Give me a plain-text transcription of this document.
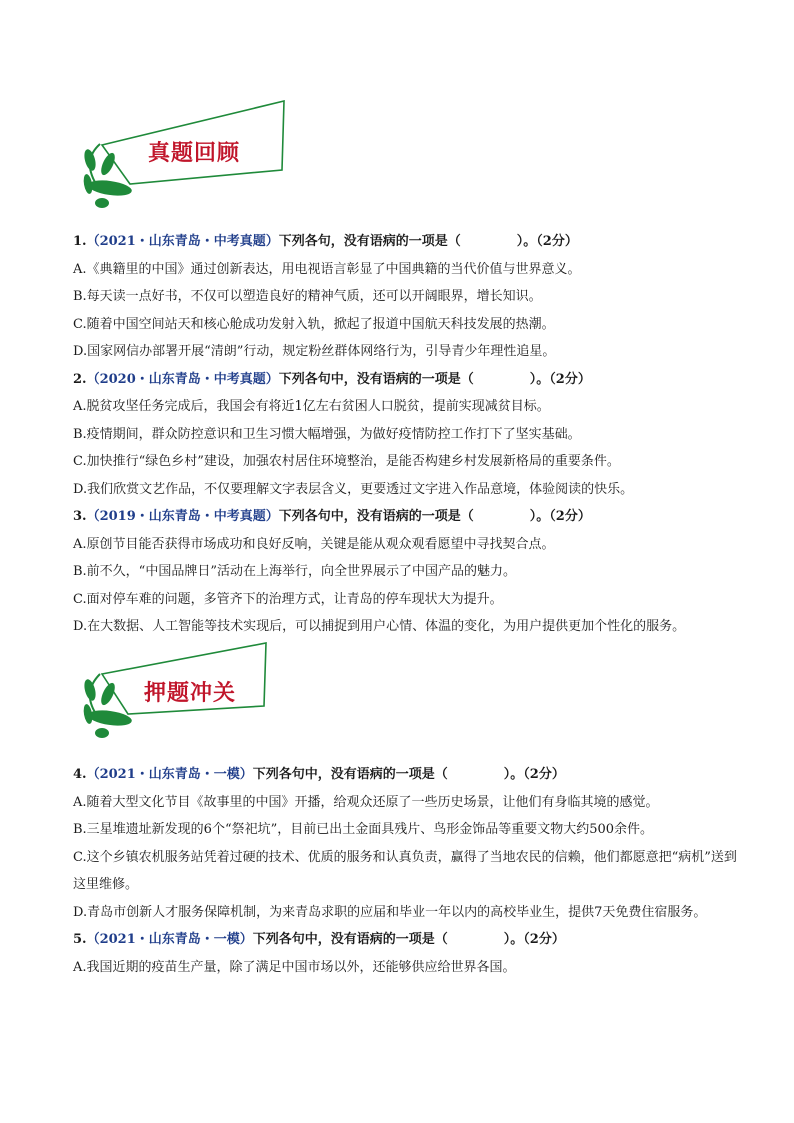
真题回顾
1.（2021・山东青岛・中考真题）下列各句，没有语病的一项是（	）。（2分）
A.《典籍里的中国》通过创新表达，用电视语言彰显了中国典籍的当代价值与世界意义。
B.每天读一点好书，不仅可以塑造良好的精神气质，还可以开阔眼界，增长知识。
C.随着中国空间站天和核心舱成功发射入轨，掀起了报道中国航天科技发展的热潮。
D.国家网信办部署开展“清朗”行动，规定粉丝群体网络行为，引导青少年理性追星。
2.（2020・山东青岛・中考真题）下列各句中，没有语病的一项是（	）。（2分）
A.脱贫攻坚任务完成后，我国会有将近1亿左右贫困人口脱贫，提前实现减贫目标。
B.疫情期间，群众防控意识和卫生习惯大幅增强，为做好疫情防控工作打下了坚实基础。
C.加快推行“绿色乡村”建设，加强农村居住环境整治，是能否构建乡村发展新格局的重要条件。
D.我们欣赏文艺作品，不仅要理解文字表层含义，更要透过文字进入作品意境，体验阅读的快乐。
3.（2019・山东青岛・中考真题）下列各句中，没有语病的一项是（	）。（2分）
A.原创节目能否获得市场成功和良好反响，关键是能从观众观看愿望中寻找契合点。
B.前不久，“中国品牌日”活动在上海举行，向全世界展示了中国产品的魅力。
C.面对停车难的问题，多管齐下的治理方式，让青岛的停车现状大为提升。
D.在大数据、人工智能等技术实现后，可以捕捉到用户心情、体温的变化，为用户提供更加个性化的服务。
押题冲关
4.（2021・山东青岛・一模）下列各句中，没有语病的一项是（	）。（2分）
A.随着大型文化节目《故事里的中国》开播，给观众还原了一些历史场景，让他们有身临其境的感觉。
B.三星堆遗址新发现的6个“祭祀坑”，目前已出土金面具残片、鸟形金饰品等重要文物大约500余件。
C.这个乡镇农机服务站凭着过硬的技术、优质的服务和认真负责，赢得了当地农民的信赖，他们都愿意把“病机”送到这里维修。
D.青岛市创新人才服务保障机制，为来青岛求职的应届和毕业一年以内的高校毕业生，提供7天免费住宿服务。
5.（2021・山东青岛・一模）下列各句中，没有语病的一项是（	）。（2分）
A.我国近期的疫苗生产量，除了满足中国市场以外，还能够供应给世界各国。
